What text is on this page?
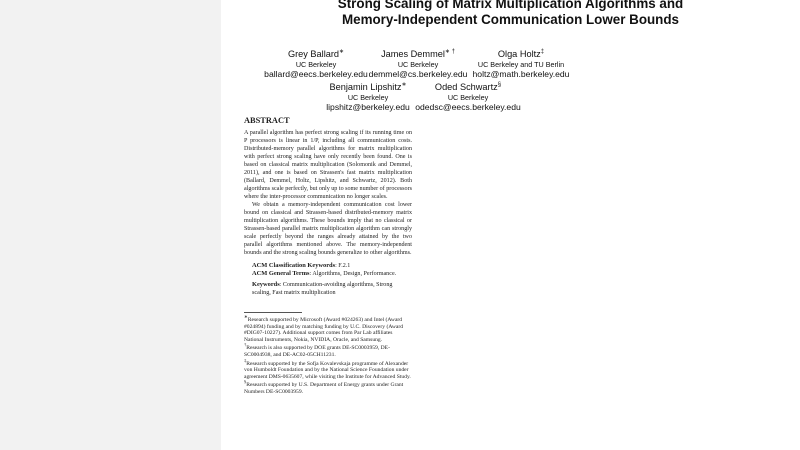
Strong Scaling of Matrix Multiplication Algorithms and
Memory-Independent Communication Lower Bounds
Grey Ballard∗
UC Berkeley
ballard@eecs.berkeley.edu
James Demmel∗ †
UC Berkeley
demmel@cs.berkeley.edu
Olga Holtz‡
UC Berkeley and TU Berlin
holtz@math.berkeley.edu
Benjamin Lipshitz∗
UC Berkeley
lipshitz@berkeley.edu
Oded Schwartz§
UC Berkeley
odedsc@eecs.berkeley.edu
ABSTRACT

A parallel algorithm has perfect strong scaling if its running time on P processors is linear in 1/P, including all communication costs. Distributed-memory parallel algorithms for matrix multiplication with perfect strong scaling have only recently been found. One is based on classical matrix multiplication (Solomonik and Demmel, 2011), and one is based on Strassen's fast matrix multiplication (Ballard, Demmel, Holtz, Lipshitz, and Schwartz, 2012). Both algorithms scale perfectly, but only up to some number of processors where the inter-processor communication no longer scales.

We obtain a memory-independent communication cost lower bound on classical and Strassen-based distributed-memory matrix multiplication algorithms. These bounds imply that no classical or Strassen-based parallel matrix multiplication algorithm can strongly scale perfectly beyond the ranges already attained by the two parallel algorithms mentioned above. The memory-independent bounds and the strong scaling bounds generalize to other algorithms.

ACM Classification Keywords: F.2.1

ACM General Terms: Algorithms, Design, Performance.

Keywords: Communication-avoiding algorithms, Strong scaling, Fast matrix multiplication

∗Research supported by Microsoft (Award #024263) and Intel (Award #024894) funding and by matching funding by U.C. Discovery (Award #DIG07-10227). Additional support comes from Par Lab affiliates National Instruments, Nokia, NVIDIA, Oracle, and Samsung.

†Research is also supported by DOE grants DE-SC0003959, DE-SC0004938, and DE-AC02-05CH11231.

‡Research supported by the Sofja Kovalevskaja programme of Alexander von Humboldt Foundation and by the National Science Foundation under agreement DMS-0635607, while visiting the Institute for Advanced Study.

§Research supported by U.S. Department of Energy grants under Grant Numbers DE-SC0003959.
